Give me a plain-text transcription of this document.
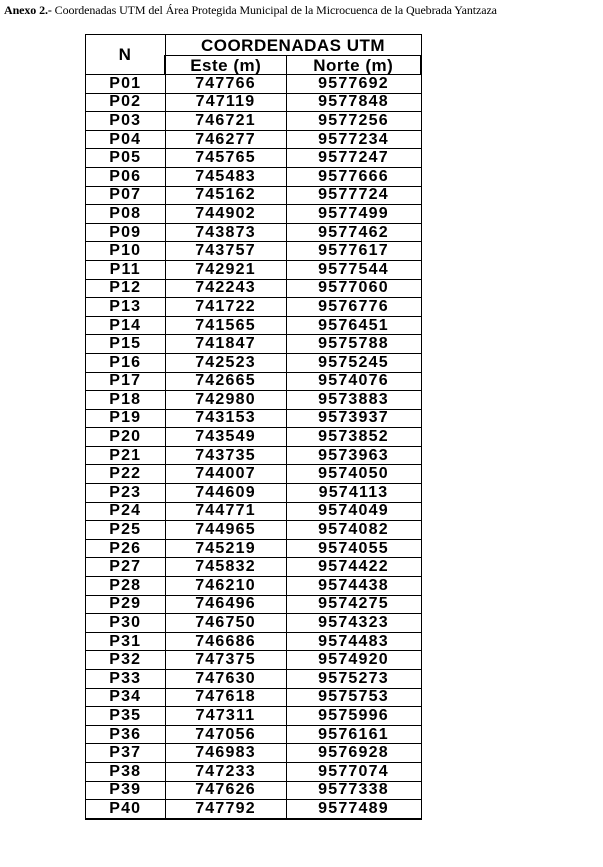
Anexo 2.- Coordenadas UTM del Área Protegida Municipal de la Microcuenca de la Quebrada Yantzaza
N	COORDENADAS UTM	
	Este (m)	Norte (m)
P01	747766	9577692
P02	747119	9577848
P03	746721	9577256
P04	746277	9577234
P05	745765	9577247
P06	745483	9577666
P07	745162	9577724
P08	744902	9577499
P09	743873	9577462
P10	743757	9577617
P11	742921	9577544
P12	742243	9577060
P13	741722	9576776
P14	741565	9576451
P15	741847	9575788
P16	742523	9575245
P17	742665	9574076
P18	742980	9573883
P19	743153	9573937
P20	743549	9573852
P21	743735	9573963
P22	744007	9574050
P23	744609	9574113
P24	744771	9574049
P25	744965	9574082
P26	745219	9574055
P27	745832	9574422
P28	746210	9574438
P29	746496	9574275
P30	746750	9574323
P31	746686	9574483
P32	747375	9574920
P33	747630	9575273
P34	747618	9575753
P35	747311	9575996
P36	747056	9576161
P37	746983	9576928
P38	747233	9577074
P39	747626	9577338
P40	747792	9577489
